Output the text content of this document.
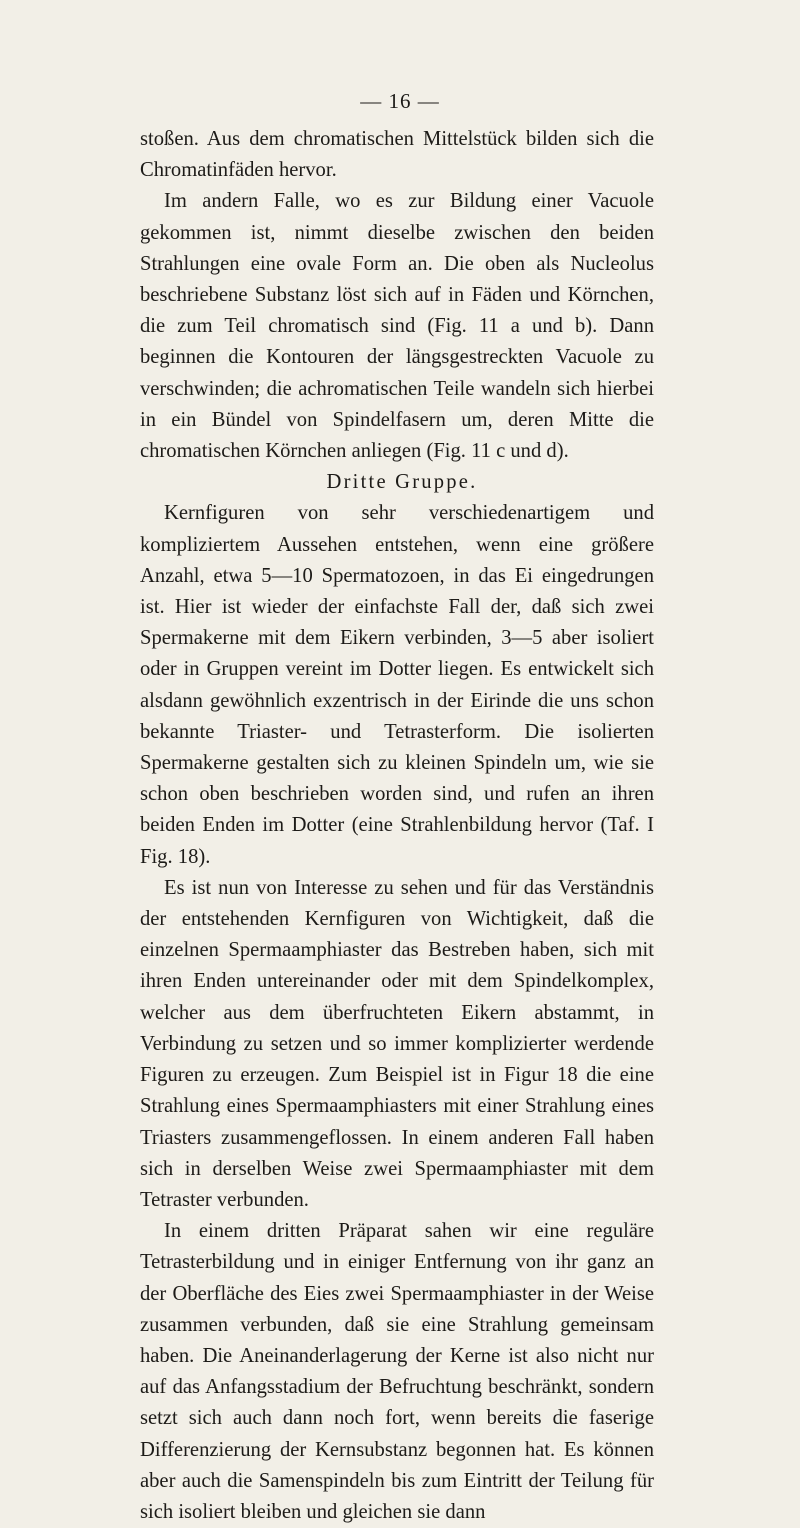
— 16 —

stoßen. Aus dem chromatischen Mittelstück bilden sich die Chromatinfäden hervor.

Im andern Falle, wo es zur Bildung einer Vacuole gekommen ist, nimmt dieselbe zwischen den beiden Strahlungen eine ovale Form an. Die oben als Nucleolus beschriebene Substanz löst sich auf in Fäden und Körnchen, die zum Teil chromatisch sind (Fig. 11 a und b). Dann beginnen die Kontouren der längsgestreckten Vacuole zu verschwinden; die achromatischen Teile wandeln sich hierbei in ein Bündel von Spindelfasern um, deren Mitte die chromatischen Körnchen anliegen (Fig. 11 c und d).

Dritte Gruppe.

Kernfiguren von sehr verschiedenartigem und kompliziertem Aussehen entstehen, wenn eine größere Anzahl, etwa 5—10 Spermatozoen, in das Ei eingedrungen ist. Hier ist wieder der einfachste Fall der, daß sich zwei Spermakerne mit dem Eikern verbinden, 3—5 aber isoliert oder in Gruppen vereint im Dotter liegen. Es entwickelt sich alsdann gewöhnlich exzentrisch in der Eirinde die uns schon bekannte Triaster- und Tetrasterform. Die isolierten Spermakerne gestalten sich zu kleinen Spindeln um, wie sie schon oben beschrieben worden sind, und rufen an ihren beiden Enden im Dotter (eine Strahlenbildung hervor (Taf. I Fig. 18).

Es ist nun von Interesse zu sehen und für das Verständnis der entstehenden Kernfiguren von Wichtigkeit, daß die einzelnen Spermaamphiaster das Bestreben haben, sich mit ihren Enden untereinander oder mit dem Spindelkomplex, welcher aus dem überfruchteten Eikern abstammt, in Verbindung zu setzen und so immer komplizierter werdende Figuren zu erzeugen. Zum Beispiel ist in Figur 18 die eine Strahlung eines Spermaamphiasters mit einer Strahlung eines Triasters zusammengeflossen. In einem anderen Fall haben sich in derselben Weise zwei Spermaamphiaster mit dem Tetraster verbunden.

In einem dritten Präparat sahen wir eine reguläre Tetrasterbildung und in einiger Entfernung von ihr ganz an der Oberfläche des Eies zwei Spermaamphiaster in der Weise zusammen verbunden, daß sie eine Strahlung gemeinsam haben. Die Aneinanderlagerung der Kerne ist also nicht nur auf das Anfangsstadium der Befruchtung beschränkt, sondern setzt sich auch dann noch fort, wenn bereits die faserige Differenzierung der Kernsubstanz begonnen hat. Es können aber auch die Samenspindeln bis zum Eintritt der Teilung für sich isoliert bleiben und gleichen sie dann
